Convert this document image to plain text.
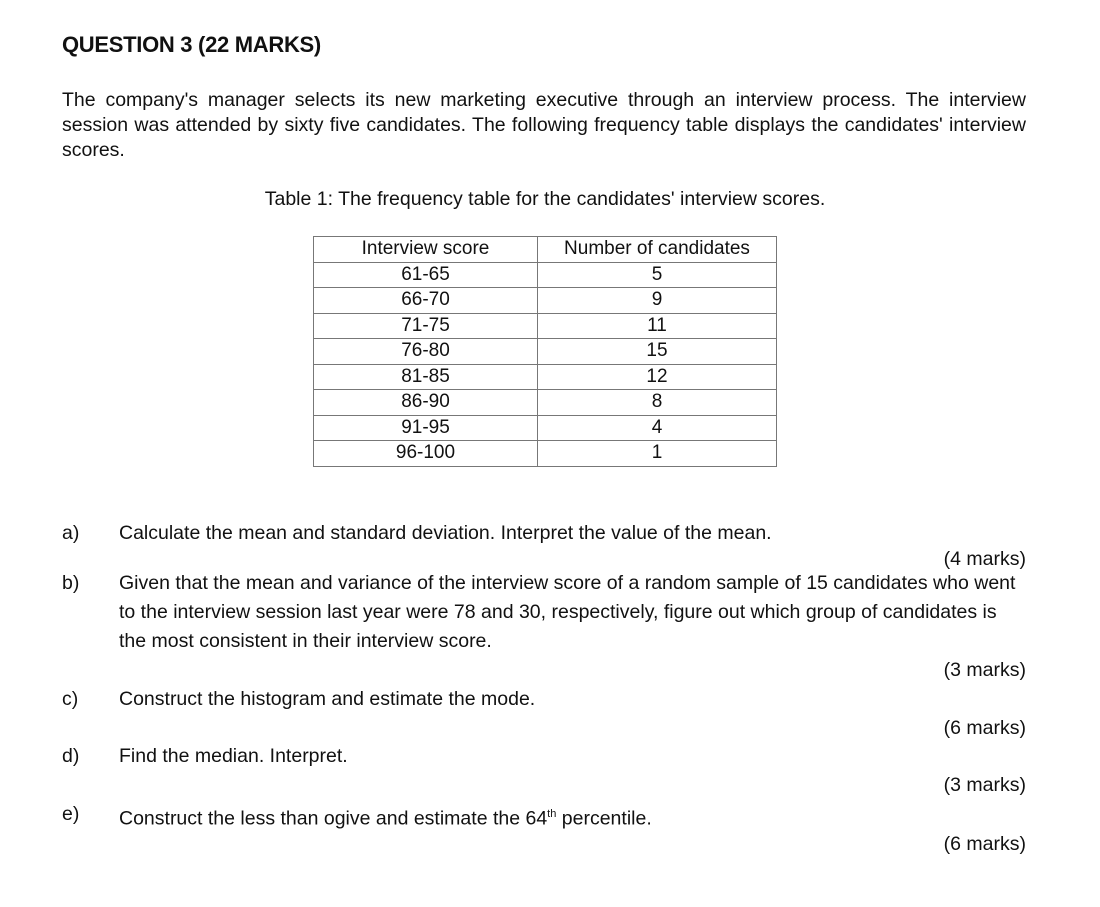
QUESTION 3 (22 MARKS)
The company's manager selects its new marketing executive through an interview process. The interview session was attended by sixty five candidates. The following frequency table displays the candidates' interview scores.
Table 1: The frequency table for the candidates' interview scores.
Interview score	Number of candidates
61-65	5
66-70	9
71-75	11
76-80	15
81-85	12
86-90	8
91-95	4
96-100	1
a) Calculate the mean and standard deviation. Interpret the value of the mean.
(4 marks)
b) Given that the mean and variance of the interview score of a random sample of 15 candidates who went to the interview session last year were 78 and 30, respectively, figure out which group of candidates is the most consistent in their interview score.
(3 marks)
c) Construct the histogram and estimate the mode.
(6 marks)
d) Find the median. Interpret.
(3 marks)
e) Construct the less than ogive and estimate the 64th percentile.
(6 marks)
